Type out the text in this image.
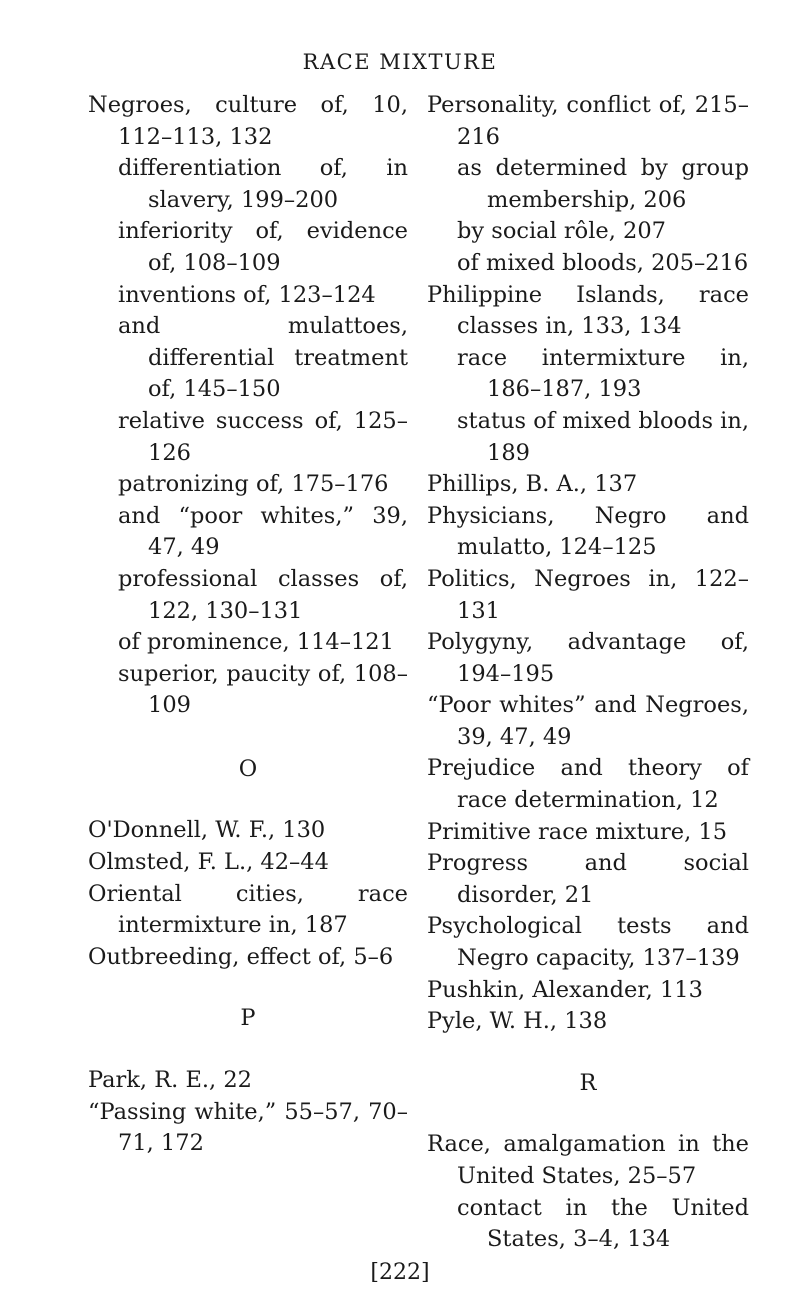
RACE MIXTURE
Negroes, culture of, 10, 112–113, 132
differentiation of, in slavery, 199–200
inferiority of, evidence of, 108–109
inventions of, 123–124
and mulattoes, differential treatment of, 145–150
relative success of, 125–126
patronizing of, 175–176
and “poor whites,” 39, 47, 49
professional classes of, 122, 130–131
of prominence, 114–121
superior, paucity of, 108–109
O
O'Donnell, W. F., 130
Olmsted, F. L., 42–44
Oriental cities, race intermixture in, 187
Outbreeding, effect of, 5–6
P
Park, R. E., 22
“Passing white,” 55–57, 70–71, 172
Personality, conflict of, 215–216
as determined by group membership, 206
by social rôle, 207
of mixed bloods, 205–216
Philippine Islands, race classes in, 133, 134
race intermixture in, 186–187, 193
status of mixed bloods in, 189
Phillips, B. A., 137
Physicians, Negro and mulatto, 124–125
Politics, Negroes in, 122–131
Polygyny, advantage of, 194–195
“Poor whites” and Negroes, 39, 47, 49
Prejudice and theory of race determination, 12
Primitive race mixture, 15
Progress and social disorder, 21
Psychological tests and Negro capacity, 137–139
Pushkin, Alexander, 113
Pyle, W. H., 138
R
Race, amalgamation in the United States, 25–57
contact in the United States, 3–4, 134
[222]
